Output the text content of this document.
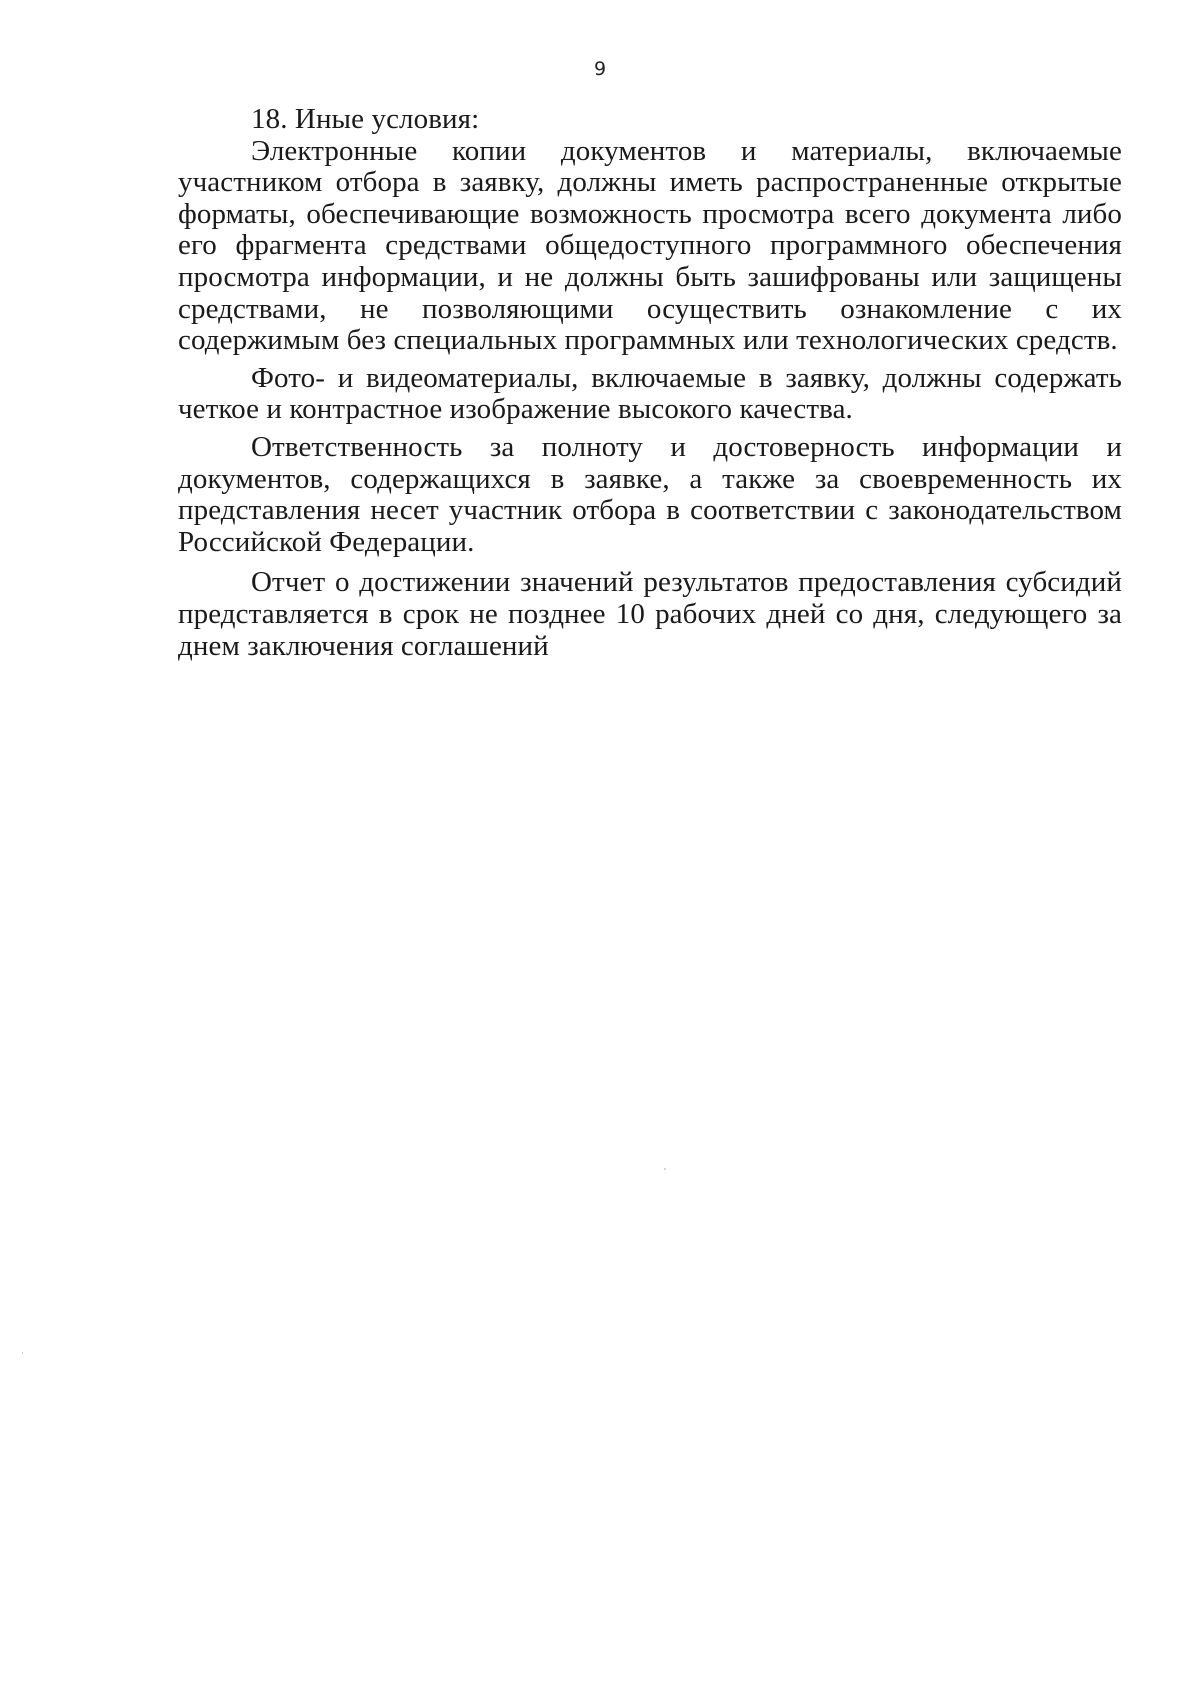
9

18. Иные условия:

Электронные копии документов и материалы, включаемые участником отбора в заявку, должны иметь распространенные открытые форматы, обеспечивающие возможность просмотра всего документа либо его фрагмента средствами общедоступного программного обеспечения просмотра информации, и не должны быть зашифрованы или защищены средствами, не позволяющими осуществить ознакомление с их содержимым без специальных программных или технологических средств.

Фото- и видеоматериалы, включаемые в заявку, должны содержать четкое и контрастное изображение высокого качества.

Ответственность за полноту и достоверность информации и документов, содержащихся в заявке, а также за своевременность их представления несет участник отбора в соответствии с законодательством Российской Федерации.

Отчет о достижении значений результатов предоставления субсидий представляется в срок не позднее 10 рабочих дней со дня, следующего за днем заключения соглашений
